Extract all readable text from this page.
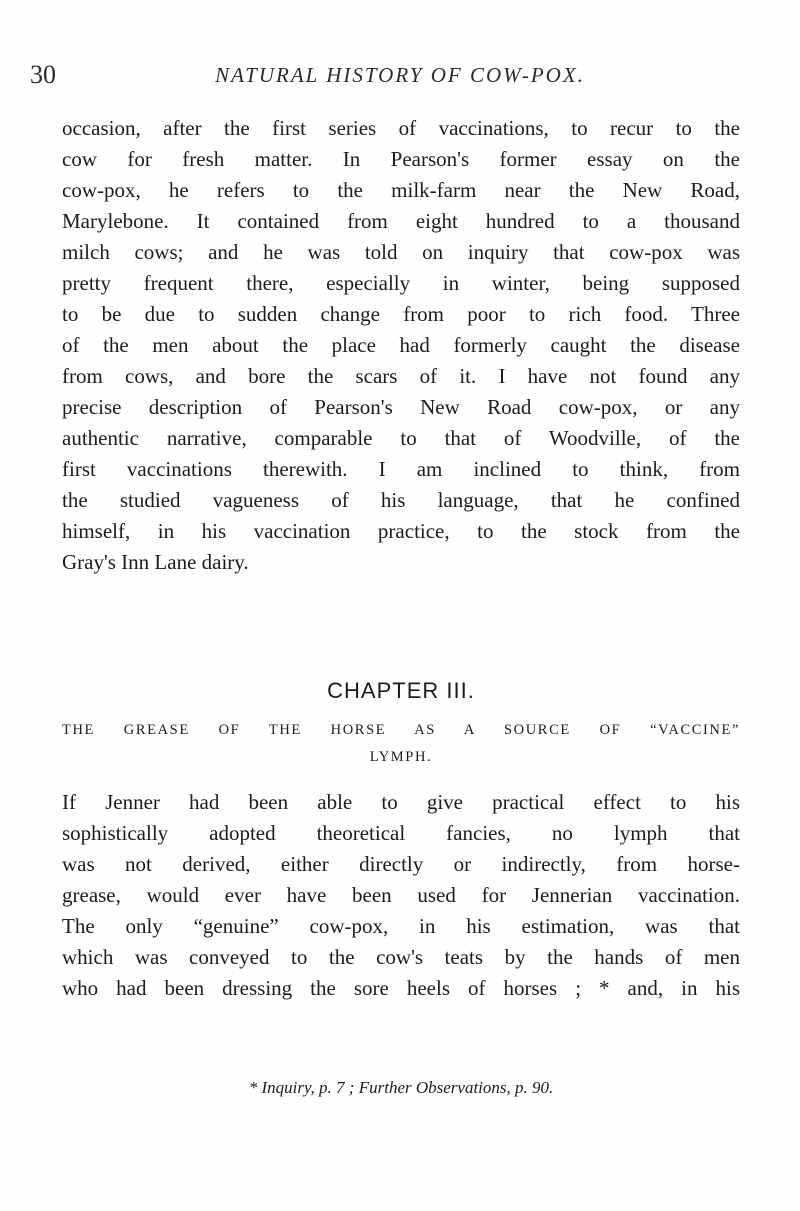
30	NATURAL HISTORY OF COW-POX.
occasion, after the first series of vaccinations, to recur to the
cow for fresh matter. In Pearson's former essay on the
cow-pox, he refers to the milk-farm near the New Road,
Marylebone. It contained from eight hundred to a thousand
milch cows; and he was told on inquiry that cow-pox was
pretty frequent there, especially in winter, being supposed
to be due to sudden change from poor to rich food. Three
of the men about the place had formerly caught the disease
from cows, and bore the scars of it. I have not found any
precise description of Pearson's New Road cow-pox, or any
authentic narrative, comparable to that of Woodville, of the
first vaccinations therewith. I am inclined to think, from
the studied vagueness of his language, that he confined
himself, in his vaccination practice, to the stock from the
Gray's Inn Lane dairy.
CHAPTER III.
THE GREASE OF THE HORSE AS A SOURCE OF “VACCINE”
LYMPH.
If Jenner had been able to give practical effect to his
sophistically adopted theoretical fancies, no lymph that
was not derived, either directly or indirectly, from horse-
grease, would ever have been used for Jennerian vaccination.
The only “genuine” cow-pox, in his estimation, was that
which was conveyed to the cow's teats by the hands of men
who had been dressing the sore heels of horses ; * and, in his
* Inquiry, p. 7 ; Further Observations, p. 90.
